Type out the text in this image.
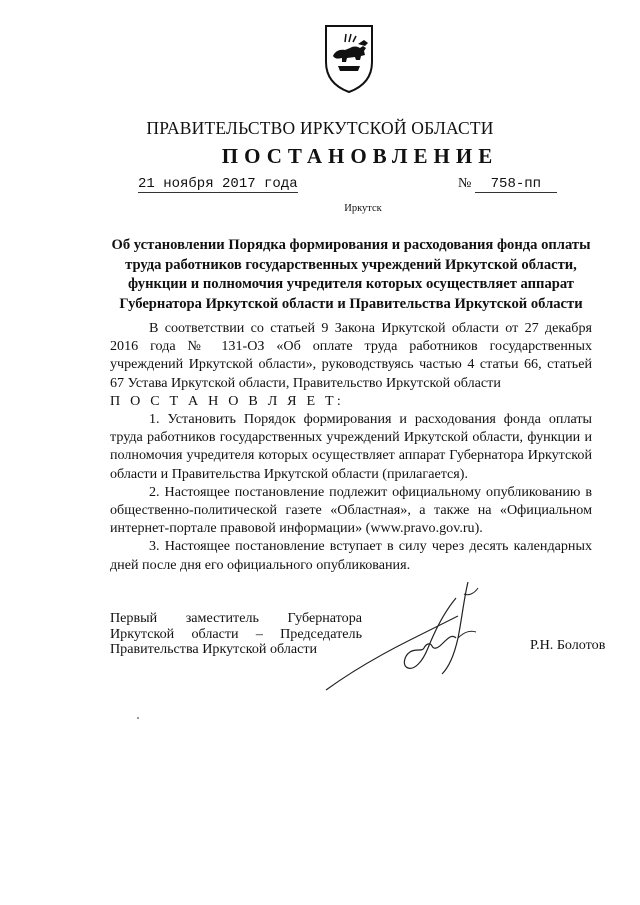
ПРАВИТЕЛЬСТВО ИРКУТСКОЙ ОБЛАСТИ
ПОСТАНОВЛЕНИЕ
21 ноября 2017 года	№ 758-пп
Иркутск
Об установлении Порядка формирования и расходования фонда оплаты труда работников государственных учреждений Иркутской области, функции и полномочия учредителя которых осуществляет аппарат Губернатора Иркутской области и Правительства Иркутской области

В соответствии со статьей 9 Закона Иркутской области от 27 декабря 2016 года № 131-ОЗ «Об оплате труда работников государственных учреждений Иркутской области», руководствуясь частью 4 статьи 66, статьей 67 Устава Иркутской области, Правительство Иркутской области

П О С Т А Н О В Л Я Е Т:

1. Установить Порядок формирования и расходования фонда оплаты труда работников государственных учреждений Иркутской области, функции и полномочия учредителя которых осуществляет аппарат Губернатора Иркутской области и Правительства Иркутской области (прилагается).

2. Настоящее постановление подлежит официальному опубликованию в общественно-политической газете «Областная», а также на «Официальном интернет-портале правовой информации» (www.pravo.gov.ru).

3. Настоящее постановление вступает в силу через десять календарных дней после дня его официального опубликования.

Первый заместитель Губернатора
Иркутской области – Председатель
Правительства Иркутской области	Р.Н. Болотов
